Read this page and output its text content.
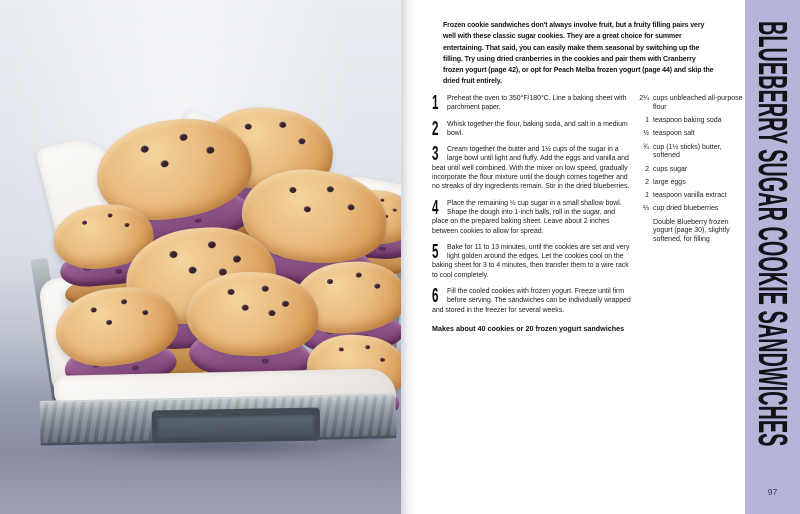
Frozen cookie sandwiches don't always involve fruit, but a fruity filling pairs very well with these classic sugar cookies. They are a great choice for summer entertaining. That said, you can easily make them seasonal by switching up the filling. Try using dried cranberries in the cookies and pair them with Cranberry frozen yogurt (page 42), or opt for Peach Melba frozen yogurt (page 44) and skip the dried fruit entirely.

1 Preheat the oven to 350°F/180°C. Line a baking sheet with parchment paper.
2 Whisk together the flour, baking soda, and salt in a medium bowl.
3 Cream together the butter and 1½ cups of the sugar in a large bowl until light and fluffy. Add the eggs and vanilla and beat until well combined. With the mixer on low speed, gradually incorporate the flour mixture until the dough comes together and no streaks of dry ingredients remain. Stir in the dried blueberries.
4 Place the remaining ½ cup sugar in a small shallow bowl. Shape the dough into 1-inch balls, roll in the sugar, and place on the prepared baking sheet. Leave about 2 inches between cookies to allow for spread.
5 Bake for 11 to 13 minutes, until the cookies are set and very light golden around the edges. Let the cookies cool on the baking sheet for 3 to 4 minutes, then transfer them to a wire rack to cool completely.
6 Fill the cooled cookies with frozen yogurt. Freeze until firm before serving. The sandwiches can be individually wrapped and stored in the freezer for several weeks.
Makes about 40 cookies or 20 frozen yogurt sandwiches
2¼ cups unbleached all-purpose flour
1 teaspoon baking soda
½ teaspoon salt
¾ cup (1½ sticks) butter, softened
2 cups sugar
2 large eggs
1 teaspoon vanilla extract
⅔ cup dried blueberries
Double Blueberry frozen yogurt (page 30), slightly softened, for filling BLUEBERRY SUGAR COOKIE SANDWICHES
97
